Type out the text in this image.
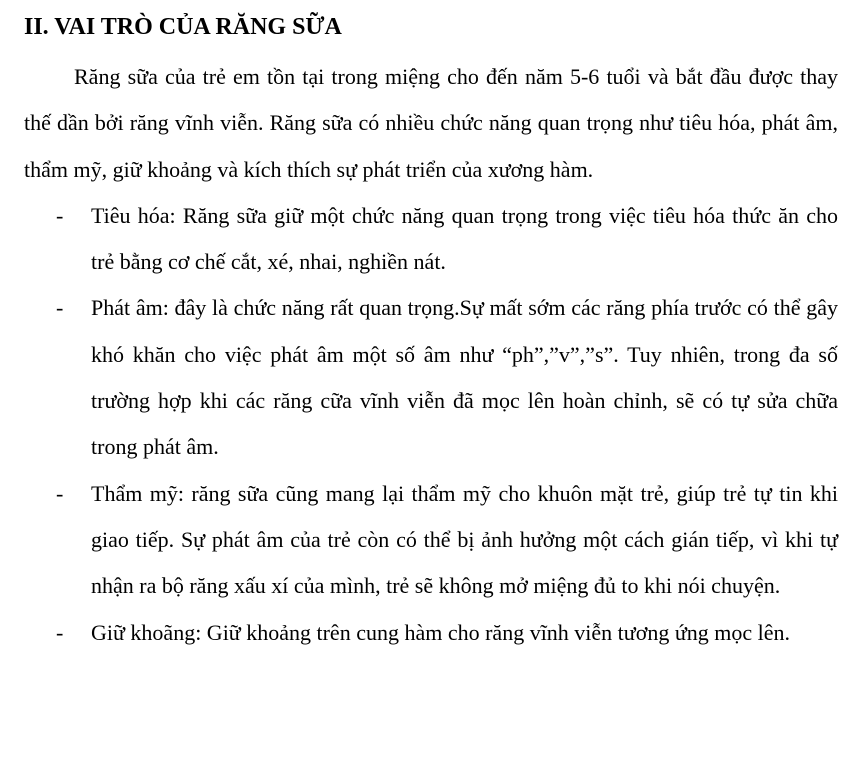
II. VAI TRÒ CỦA RĂNG SỮA

Răng sữa của trẻ em tồn tại trong miệng cho đến năm 5-6 tuổi và bắt đầu được thay thế dần bởi răng vĩnh viễn. Răng sữa có nhiều chức năng quan trọng như tiêu hóa, phát âm, thẩm mỹ, giữ khoảng và kích thích sự phát triển của xương hàm.

- Tiêu hóa: Răng sữa giữ một chức năng quan trọng trong việc tiêu hóa thức ăn cho trẻ bằng cơ chế cắt, xé, nhai, nghiền nát.
- Phát âm: đây là chức năng rất quan trọng.Sự mất sớm các răng phía trước có thể gây khó khăn cho việc phát âm một số âm như “ph”,”v”,”s”. Tuy nhiên, trong đa số trường hợp khi các răng cữa vĩnh viễn đã mọc lên hoàn chỉnh, sẽ có tự sửa chữa trong phát âm.
- Thẩm mỹ: răng sữa cũng mang lại thẩm mỹ cho khuôn mặt trẻ, giúp trẻ tự tin khi giao tiếp. Sự phát âm của trẻ còn có thể bị ảnh hưởng một cách gián tiếp, vì khi tự nhận ra bộ răng xấu xí của mình, trẻ sẽ không mở miệng đủ to khi nói chuyện.
- Giữ khoãng: Giữ khoảng trên cung hàm cho răng vĩnh viễn tương ứng mọc lên.
